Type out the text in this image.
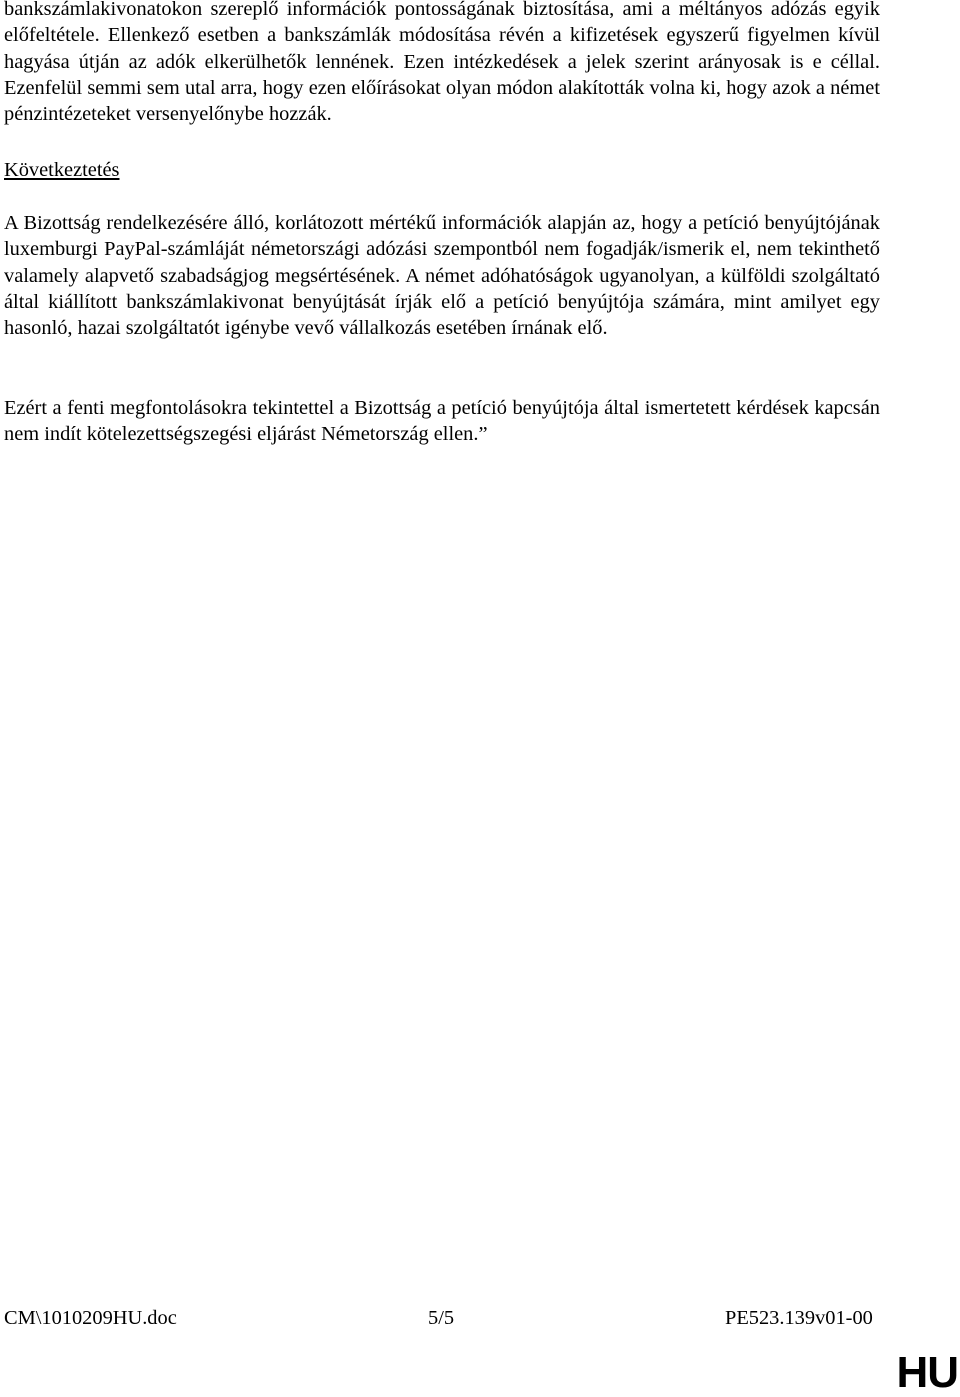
bankszámlakivonatokon szereplő információk pontosságának biztosítása, ami a méltányos adózás egyik előfeltétele. Ellenkező esetben a bankszámlák módosítása révén a kifizetések egyszerű figyelmen kívül hagyása útján az adók elkerülhetők lennének. Ezen intézkedések a jelek szerint arányosak is e céllal. Ezenfelül semmi sem utal arra, hogy ezen előírásokat olyan módon alakították volna ki, hogy azok a német pénzintézeteket versenyelőnybe hozzák.

Következtetés

A Bizottság rendelkezésére álló, korlátozott mértékű információk alapján az, hogy a petíció benyújtójának luxemburgi PayPal-számláját németországi adózási szempontból nem fogadják/ismerik el, nem tekinthető valamely alapvető szabadságjog megsértésének. A német adóhatóságok ugyanolyan, a külföldi szolgáltató által kiállított bankszámlakivonat benyújtását írják elő a petíció benyújtója számára, mint amilyet egy hasonló, hazai szolgáltatót igénybe vevő vállalkozás esetében írnának elő.

Ezért a fenti megfontolásokra tekintettel a Bizottság a petíció benyújtója által ismertetett kérdések kapcsán nem indít kötelezettségszegési eljárást Németország ellen.”

CM\1010209HU.doc	5/5	PE523.139v01-00
HU
